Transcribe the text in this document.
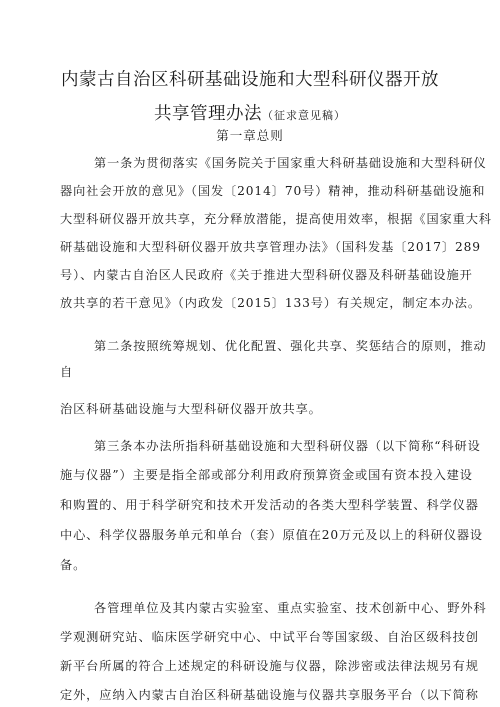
内蒙古自治区科研基础设施和大型科研仪器开放
共享管理办法（征求意见稿）
第一章总则
第一条为贯彻落实《国务院关于国家重大科研基础设施和大型科研仪
器向社会开放的意见》（国发〔2014〕70号）精神，推动科研基础设施和
大型科研仪器开放共享，充分释放潜能，提高使用效率，根据《国家重大科
研基础设施和大型科研仪器开放共享管理办法》（国科发基〔2017〕289
号）、内蒙古自治区人民政府《关于推进大型科研仪器及科研基础设施开
放共享的若干意见》（内政发〔2015〕133号）有关规定，制定本办法。
第二条按照统筹规划、优化配置、强化共享、奖惩结合的原则，推动
自
治区科研基础设施与大型科研仪器开放共享。
第三条本办法所指科研基础设施和大型科研仪器（以下简称“科研设
施与仪器”）主要是指全部或部分利用政府预算资金或国有资本投入建设
和购置的、用于科学研究和技术开发活动的各类大型科学装置、科学仪器
中心、科学仪器服务单元和单台（套）原值在20万元及以上的科研仪器设
备。
各管理单位及其内蒙古实验室、重点实验室、技术创新中心、野外科
学观测研究站、临床医学研究中心、中试平台等国家级、自治区级科技创
新平台所属的符合上述规定的科研设施与仪器，除涉密或法律法规另有规
定外，应纳入内蒙古自治区科研基础设施与仪器共享服务平台（以下简称
